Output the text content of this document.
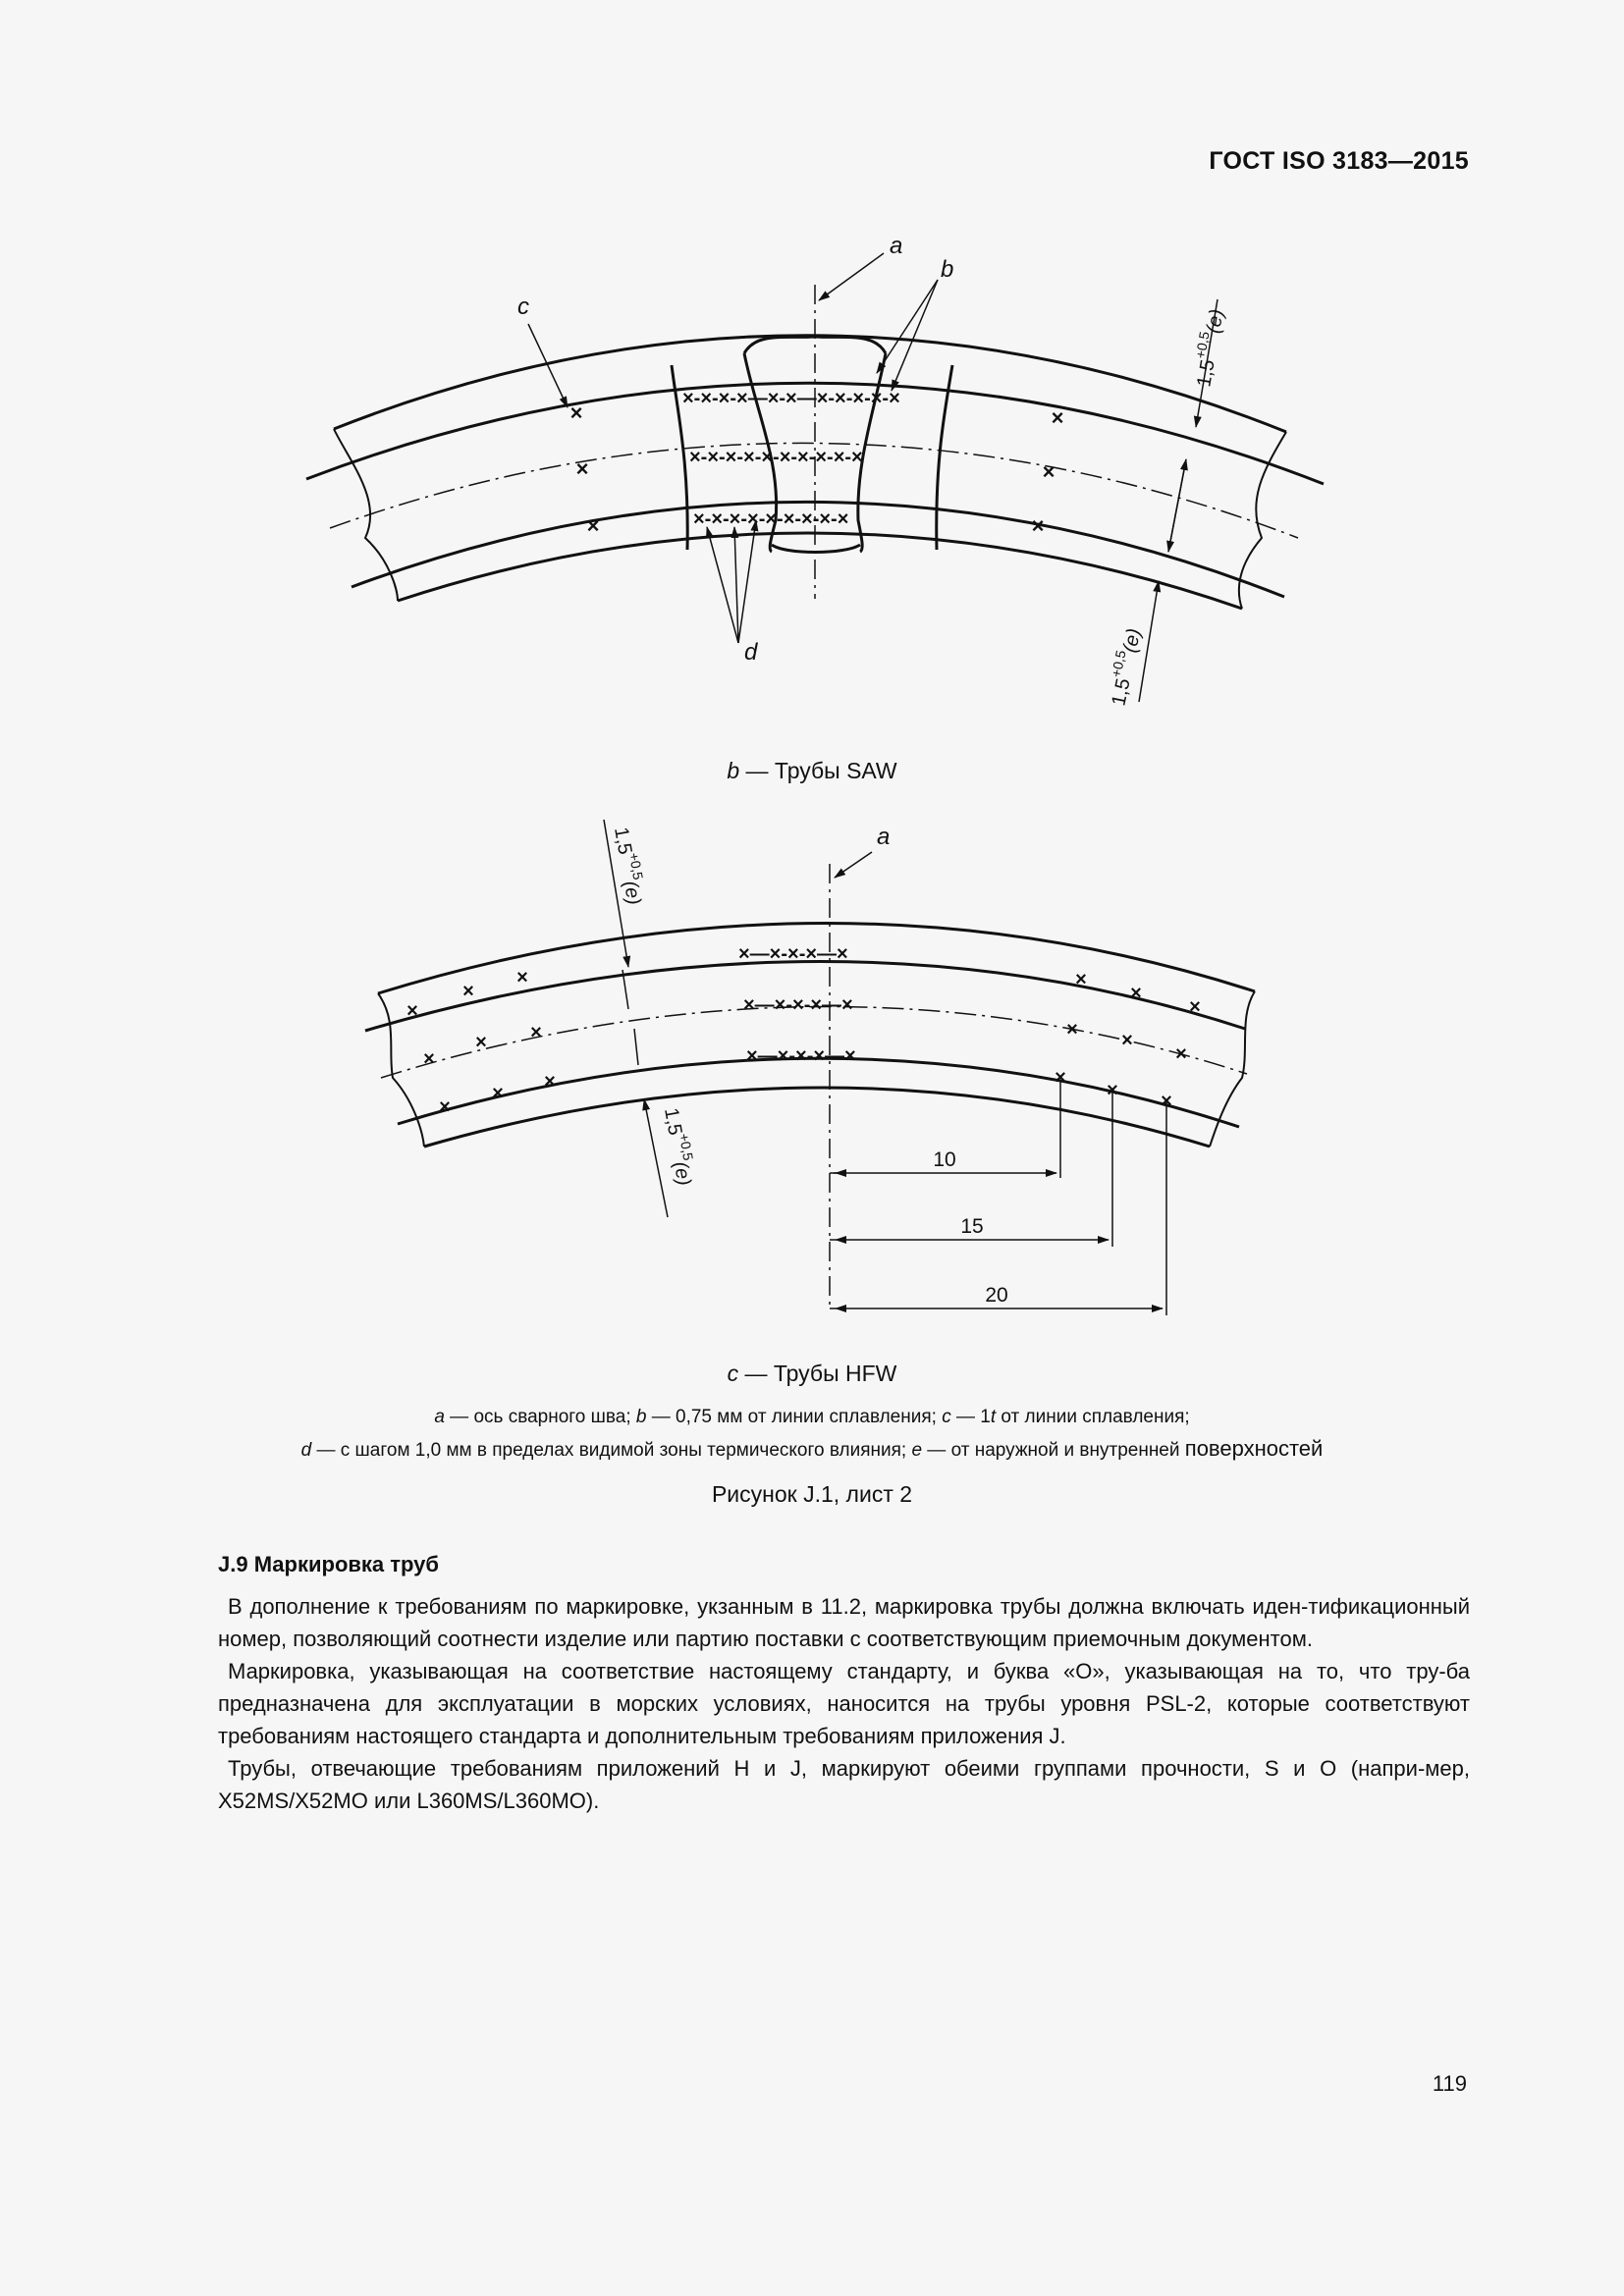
ГОСТ ISO 3183—2015
×
×
×
×
×
×
×-×-×-×—×-×—×-×-×-×-×
×-×-×-×-×-×-×-×-×-×
×-×-×-×-×-×-×-×-×
a
b
c
d
$1,5^{+0,5}(e)$
$1,5^{+0,5}(e)$
b — Трубы SAW
×—×-×-×—×
×—×-×-×—×
×—×-×-×—×
×
×
×
×
× ×
×
×
×
×
×
×
× ×
×
×
× ×
a
$1,5^{+0,5}(e)$
$1,5^{+0,5}(e)$
10
15
20
c — Трубы HFW
a — ось сварного шва; b — 0,75 мм от линии сплавления; c — 1t от линии сплавления;
d — с шагом 1,0 мм в пределах видимой зоны термического влияния; e — от наружной и внутренней поверхностей
Рисунок J.1, лист 2
J.9 Маркировка труб

В дополнение к требованиям по маркировке, укзанным в 11.2, маркировка трубы должна включать иден-тификационный номер, позволяющий соотнести изделие или партию поставки с соответствующим приемочным документом.

Маркировка, указывающая на соответствие настоящему стандарту, и буква «О», указывающая на то, что тру-ба предназначена для эксплуатации в морских условиях, наносится на трубы уровня PSL-2, которые соответствуют требованиям настоящего стандарта и дополнительным требованиям приложения J.

Трубы, отвечающие требованиям приложений H и J, маркируют обеими группами прочности, S и O (напри-мер, X52MS/X52MO или L360MS/L360MO).

119
